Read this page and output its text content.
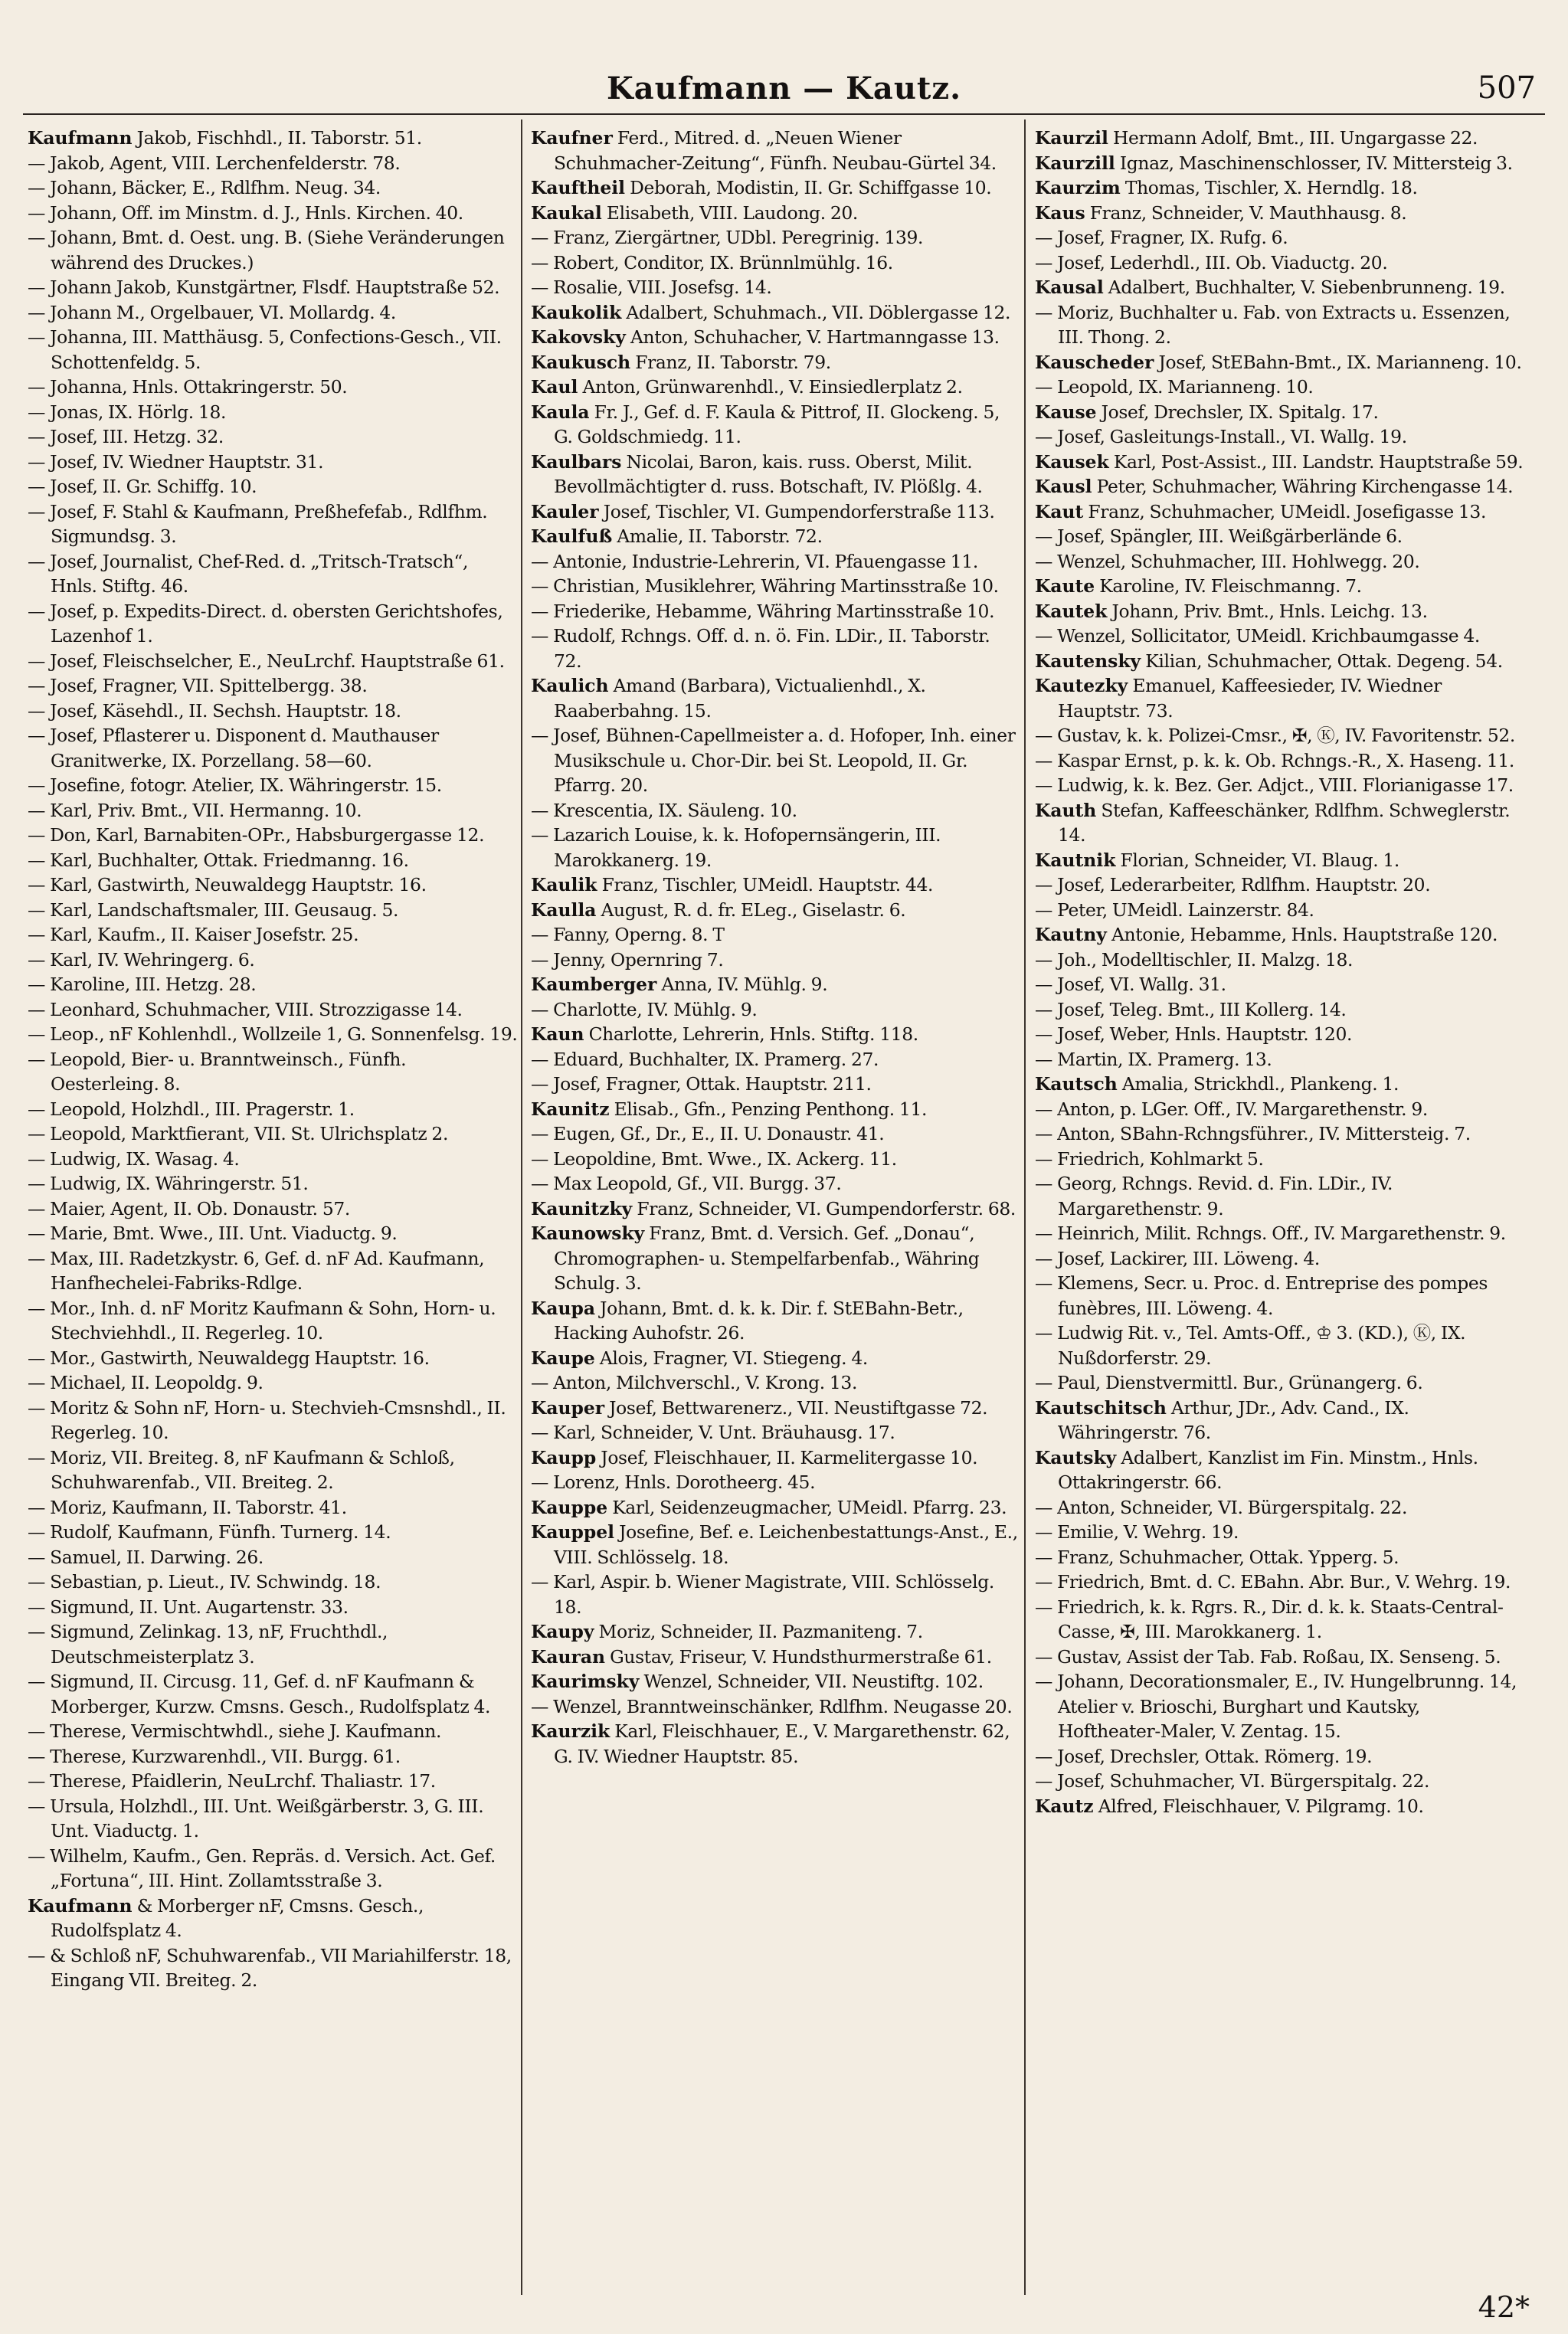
Kaufmann — Kautz.	507

Kaufmann Jakob, Fischhdl., II. Taborstr. 51.

— Jakob, Agent, VIII. Lerchenfelderstr. 78.

— Johann, Bäcker, E., Rdlfhm. Neug. 34.

— Johann, Off. im Minstm. d. J., Hnls. Kirchen. 40.

— Johann, Bmt. d. Oest. ung. B. (Siehe Veränderungen während des Druckes.)

— Johann Jakob, Kunstgärtner, Flsdf. Hauptstraße 52.

— Johann M., Orgelbauer, VI. Mollardg. 4.

— Johanna, III. Matthäusg. 5, Confections-Gesch., VII. Schottenfeldg. 5.

— Johanna, Hnls. Ottakringerstr. 50.

— Jonas, IX. Hörlg. 18.

— Josef, III. Hetzg. 32.

— Josef, IV. Wiedner Hauptstr. 31.

— Josef, II. Gr. Schiffg. 10.

— Josef, F. Stahl & Kaufmann, Preßhefefab., Rdlfhm. Sigmundsg. 3.

— Josef, Journalist, Chef-Red. d. „Tritsch-Tratsch“, Hnls. Stiftg. 46.

— Josef, p. Expedits-Direct. d. obersten Gerichtshofes, Lazenhof 1.

— Josef, Fleischselcher, E., NeuLrchf. Hauptstraße 61.

— Josef, Fragner, VII. Spittelbergg. 38.

— Josef, Käsehdl., II. Sechsh. Hauptstr. 18.

— Josef, Pflasterer u. Disponent d. Mauthauser Granitwerke, IX. Porzellang. 58—60.

— Josefine, fotogr. Atelier, IX. Währingerstr. 15.

— Karl, Priv. Bmt., VII. Hermanng. 10.

— Don, Karl, Barnabiten-OPr., Habsburgergasse 12.

— Karl, Buchhalter, Ottak. Friedmanng. 16.

— Karl, Gastwirth, Neuwaldegg Hauptstr. 16.

— Karl, Landschaftsmaler, III. Geusaug. 5.

— Karl, Kaufm., II. Kaiser Josefstr. 25.

— Karl, IV. Wehringerg. 6.

— Karoline, III. Hetzg. 28.

— Leonhard, Schuhmacher, VIII. Strozzigasse 14.

— Leop., nF Kohlenhdl., Wollzeile 1, G. Sonnenfelsg. 19.

— Leopold, Bier- u. Branntweinsch., Fünfh. Oesterleing. 8.

— Leopold, Holzhdl., III. Pragerstr. 1.

— Leopold, Marktfierant, VII. St. Ulrichsplatz 2.

— Ludwig, IX. Wasag. 4.

— Ludwig, IX. Währingerstr. 51.

— Maier, Agent, II. Ob. Donaustr. 57.

— Marie, Bmt. Wwe., III. Unt. Viaductg. 9.

— Max, III. Radetzkystr. 6, Gef. d. nF Ad. Kaufmann, Hanfhechelei-Fabriks-Rdlge.

— Mor., Inh. d. nF Moritz Kaufmann & Sohn, Horn- u. Stechviehhdl., II. Regerleg. 10.

— Mor., Gastwirth, Neuwaldegg Hauptstr. 16.

— Michael, II. Leopoldg. 9.

— Moritz & Sohn nF, Horn- u. Stechvieh-Cmsnshdl., II. Regerleg. 10.

— Moriz, VII. Breiteg. 8, nF Kaufmann & Schloß, Schuhwarenfab., VII. Breiteg. 2.

— Moriz, Kaufmann, II. Taborstr. 41.

— Rudolf, Kaufmann, Fünfh. Turnerg. 14.

— Samuel, II. Darwing. 26.

— Sebastian, p. Lieut., IV. Schwindg. 18.

— Sigmund, II. Unt. Augartenstr. 33.

— Sigmund, Zelinkag. 13, nF, Fruchthdl., Deutschmeisterplatz 3.

— Sigmund, II. Circusg. 11, Gef. d. nF Kaufmann & Morberger, Kurzw. Cmsns. Gesch., Rudolfsplatz 4.

— Therese, Vermischtwhdl., siehe J. Kaufmann.

— Therese, Kurzwarenhdl., VII. Burgg. 61.

— Therese, Pfaidlerin, NeuLrchf. Thaliastr. 17.

— Ursula, Holzhdl., III. Unt. Weißgärberstr. 3, G. III. Unt. Viaductg. 1.

— Wilhelm, Kaufm., Gen. Repräs. d. Versich. Act. Gef. „Fortuna“, III. Hint. Zollamtsstraße 3.

Kaufmann & Morberger nF, Cmsns. Gesch., Rudolfsplatz 4.

— & Schloß nF, Schuhwarenfab., VII Mariahilferstr. 18, Eingang VII. Breiteg. 2.

Kaufner Ferd., Mitred. d. „Neuen Wiener Schuhmacher-Zeitung“, Fünfh. Neubau-Gürtel 34.

Kauftheil Deborah, Modistin, II. Gr. Schiffgasse 10.

Kaukal Elisabeth, VIII. Laudong. 20.

— Franz, Ziergärtner, UDbl. Peregrinig. 139.

— Robert, Conditor, IX. Brünnlmühlg. 16.

— Rosalie, VIII. Josefsg. 14.

Kaukolik Adalbert, Schuhmach., VII. Döblergasse 12.

Kakovsky Anton, Schuhacher, V. Hartmanngasse 13.

Kaukusch Franz, II. Taborstr. 79.

Kaul Anton, Grünwarenhdl., V. Einsiedlerplatz 2.

Kaula Fr. J., Gef. d. F. Kaula & Pittrof, II. Glockeng. 5, G. Goldschmiedg. 11.

Kaulbars Nicolai, Baron, kais. russ. Oberst, Milit. Bevollmächtigter d. russ. Botschaft, IV. Plößlg. 4.

Kauler Josef, Tischler, VI. Gumpendorferstraße 113.

Kaulfuß Amalie, II. Taborstr. 72.

— Antonie, Industrie-Lehrerin, VI. Pfauengasse 11.

— Christian, Musiklehrer, Währing Martinsstraße 10.

— Friederike, Hebamme, Währing Martinsstraße 10.

— Rudolf, Rchngs. Off. d. n. ö. Fin. LDir., II. Taborstr. 72.

Kaulich Amand (Barbara), Victualienhdl., X. Raaberbahng. 15.

— Josef, Bühnen-Capellmeister a. d. Hofoper, Inh. einer Musikschule u. Chor-Dir. bei St. Leopold, II. Gr. Pfarrg. 20.

— Krescentia, IX. Säuleng. 10.

— Lazarich Louise, k. k. Hofopernsängerin, III. Marokkanerg. 19.

Kaulik Franz, Tischler, UMeidl. Hauptstr. 44.

Kaulla August, R. d. fr. ELeg., Giselastr. 6.

— Fanny, Operng. 8. T

— Jenny, Opernring 7.

Kaumberger Anna, IV. Mühlg. 9.

— Charlotte, IV. Mühlg. 9.

Kaun Charlotte, Lehrerin, Hnls. Stiftg. 118.

— Eduard, Buchhalter, IX. Pramerg. 27.

— Josef, Fragner, Ottak. Hauptstr. 211.

Kaunitz Elisab., Gfn., Penzing Penthong. 11.

— Eugen, Gf., Dr., E., II. U. Donaustr. 41.

— Leopoldine, Bmt. Wwe., IX. Ackerg. 11.

— Max Leopold, Gf., VII. Burgg. 37.

Kaunitzky Franz, Schneider, VI. Gumpendorferstr. 68.

Kaunowsky Franz, Bmt. d. Versich. Gef. „Donau“, Chromographen- u. Stempelfarbenfab., Währing Schulg. 3.

Kaupa Johann, Bmt. d. k. k. Dir. f. StEBahn-Betr., Hacking Auhofstr. 26.

Kaupe Alois, Fragner, VI. Stiegeng. 4.

— Anton, Milchverschl., V. Krong. 13.

Kauper Josef, Bettwarenerz., VII. Neustiftgasse 72.

— Karl, Schneider, V. Unt. Bräuhausg. 17.

Kaupp Josef, Fleischhauer, II. Karmelitergasse 10.

— Lorenz, Hnls. Dorotheerg. 45.

Kauppe Karl, Seidenzeugmacher, UMeidl. Pfarrg. 23.

Kauppel Josefine, Bef. e. Leichenbestattungs-Anst., E., VIII. Schlösselg. 18.

— Karl, Aspir. b. Wiener Magistrate, VIII. Schlösselg. 18.

Kaupy Moriz, Schneider, II. Pazmaniteng. 7.

Kauran Gustav, Friseur, V. Hundsthurmerstraße 61.

Kaurimsky Wenzel, Schneider, VII. Neustiftg. 102.

— Wenzel, Branntweinschänker, Rdlfhm. Neugasse 20.

Kaurzik Karl, Fleischhauer, E., V. Margarethenstr. 62, G. IV. Wiedner Hauptstr. 85.

Kaurzil Hermann Adolf, Bmt., III. Ungargasse 22.

Kaurzill Ignaz, Maschinenschlosser, IV. Mittersteig 3.

Kaurzim Thomas, Tischler, X. Herndlg. 18.

Kaus Franz, Schneider, V. Mauthhausg. 8.

— Josef, Fragner, IX. Rufg. 6.

— Josef, Lederhdl., III. Ob. Viaductg. 20.

Kausal Adalbert, Buchhalter, V. Siebenbrunneng. 19.

— Moriz, Buchhalter u. Fab. von Extracts u. Essenzen, III. Thong. 2.

Kauscheder Josef, StEBahn-Bmt., IX. Marianneng. 10.

— Leopold, IX. Marianneng. 10.

Kause Josef, Drechsler, IX. Spitalg. 17.

— Josef, Gasleitungs-Install., VI. Wallg. 19.

Kausek Karl, Post-Assist., III. Landstr. Hauptstraße 59.

Kausl Peter, Schuhmacher, Währing Kirchengasse 14.

Kaut Franz, Schuhmacher, UMeidl. Josefigasse 13.

— Josef, Spängler, III. Weißgärberlände 6.

— Wenzel, Schuhmacher, III. Hohlwegg. 20.

Kaute Karoline, IV. Fleischmanng. 7.

Kautek Johann, Priv. Bmt., Hnls. Leichg. 13.

— Wenzel, Sollicitator, UMeidl. Krichbaumgasse 4.

Kautensky Kilian, Schuhmacher, Ottak. Degeng. 54.

Kautezky Emanuel, Kaffeesieder, IV. Wiedner Hauptstr. 73.

— Gustav, k. k. Polizei-Cmsr., ✠, Ⓚ, IV. Favoritenstr. 52.

— Kaspar Ernst, p. k. k. Ob. Rchngs.-R., X. Haseng. 11.

— Ludwig, k. k. Bez. Ger. Adjct., VIII. Florianigasse 17.

Kauth Stefan, Kaffeeschänker, Rdlfhm. Schweglerstr. 14.

Kautnik Florian, Schneider, VI. Blaug. 1.

— Josef, Lederarbeiter, Rdlfhm. Hauptstr. 20.

— Peter, UMeidl. Lainzerstr. 84.

Kautny Antonie, Hebamme, Hnls. Hauptstraße 120.

— Joh., Modelltischler, II. Malzg. 18.

— Josef, VI. Wallg. 31.

— Josef, Teleg. Bmt., III Kollerg. 14.

— Josef, Weber, Hnls. Hauptstr. 120.

— Martin, IX. Pramerg. 13.

Kautsch Amalia, Strickhdl., Plankeng. 1.

— Anton, p. LGer. Off., IV. Margarethenstr. 9.

— Anton, SBahn-Rchngsführer., IV. Mittersteig. 7.

— Friedrich, Kohlmarkt 5.

— Georg, Rchngs. Revid. d. Fin. LDir., IV. Margarethenstr. 9.

— Heinrich, Milit. Rchngs. Off., IV. Margarethenstr. 9.

— Josef, Lackirer, III. Löweng. 4.

— Klemens, Secr. u. Proc. d. Entreprise des pompes funèbres, III. Löweng. 4.

— Ludwig Rit. v., Tel. Amts-Off., ♔ 3. (KD.), Ⓚ, IX. Nußdorferstr. 29.

— Paul, Dienstvermittl. Bur., Grünangerg. 6.

Kautschitsch Arthur, JDr., Adv. Cand., IX. Währingerstr. 76.

Kautsky Adalbert, Kanzlist im Fin. Minstm., Hnls. Ottakringerstr. 66.

— Anton, Schneider, VI. Bürgerspitalg. 22.

— Emilie, V. Wehrg. 19.

— Franz, Schuhmacher, Ottak. Ypperg. 5.

— Friedrich, Bmt. d. C. EBahn. Abr. Bur., V. Wehrg. 19.

— Friedrich, k. k. Rgrs. R., Dir. d. k. k. Staats-Central-Casse, ✠, III. Marokkanerg. 1.

— Gustav, Assist der Tab. Fab. Roßau, IX. Senseng. 5.

— Johann, Decorationsmaler, E., IV. Hungelbrunng. 14, Atelier v. Brioschi, Burghart und Kautsky, Hoftheater-Maler, V. Zentag. 15.

— Josef, Drechsler, Ottak. Römerg. 19.

— Josef, Schuhmacher, VI. Bürgerspitalg. 22.

Kautz Alfred, Fleischhauer, V. Pilgramg. 10.

42*
